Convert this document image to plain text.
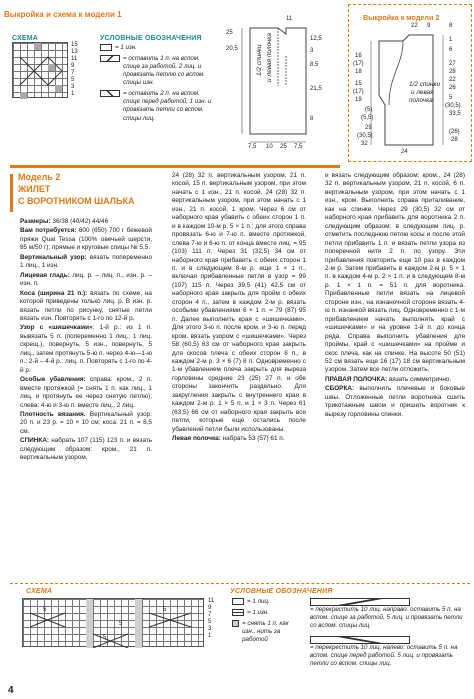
Выкройка и схема к модели 1
СХЕМА	УСЛОВНЫЕ ОБОЗНАЧЕНИЯ
15
13
11
9
7
5
3
1
= 1 изн.
= оставить 1 п. на вспом. спице за работой, 2 лиц. и провязать петлю со вспом. спицы изн.
= оставить 2 п. на вспом. спице перед работой, 1 изн. и провязать петли со вспом. спицы лиц.
25
20,5
11
12,5
3
8,5
21,5
8
7,5 10 25 7,5
1/2 спинки и левая полочка
Выкройка к модели 2
22 9	8
1
6
16
(17)
18
15
(17)
19
27
28
22
26
5
(30,5)
33,5
(5)
(5,5)
29
(30,5)
32
24
1/2 спинки
и левая
полочка
(26)
28
Модель 2
ЖИЛЕТ
С ВОРОТНИКОМ ШАЛЬКА

Размеры: 36/38 (40/42) 44/46

Вам потребуется: 600 (650) 700 г бежевой пряжи Qual Tessa (100% овечьей шерсти, 85 м/50 г); прямые и круговые спицы № 5,5.

Вертикальный узор: вязать попеременно 1 лиц., 1 изн.

Лицевая гладь: лиц. р. – лиц. п., изн. р. – изн. п.

Коса (ширина 21 п.): вязать по схеме, на которой приведены только лиц. р. В изн. р. вязать петли по рисунку, снятые петли вязать изн. Повторять с 1-го по 12-й р.

Узор с «шишечками»: 1-й р.: из 1 п. вывязать 5 п. (попеременно 1 лиц., 1 лиц. скрещ.), повернуть, 5 изн., повернуть, 5 лиц., затем протянуть 5-ю п. через 4-ю—1-ю п.; 2-й – 4-й р.: лиц. п. Повторять с 1-го по 4-й р.

Особые убавления: справа: кром., 2 п. вместе протяжкой (= снять 1 п. как лиц., 1 лиц. и протянуть ее через снятую петлю); слева: 4-ю и 3-ю п. вместе лиц., 2 лиц.

Плотность вязания. Вертикальный узор: 20 п. и 23 р. = 10 × 10 см; коса: 21 п. = 8,5 см.

СПИНКА: набрать 107 (115) 123 п. и вязать следующим образом: кром., 21 п. вертикальным узором,

24 (28) 32 п. вертикальным узором, 21 п. косой, 15 п. вертикальным узором, при этом начать с 1 изн., 21 п. косой, 24 (28) 32 п. вертикальным узором, при этом начать с 1 изн., 21 п. косой, 1 кром. Через 6 см от наборного края убавить с обеих сторон 1 п. и в каждом 10-м р. 5 × 1 п.; для этого справа провязать 6-ю и 7-ю п. вместе протяжкой, слева 7-ю и 6-ю п. от конца вместе лиц. = 95 (103) 111 п. Через 31 (32,5) 34 см от наборного края прибавить с обеих сторон 1 п. и в следующем 8-м р. еще 1 × 1 п., включая прибавленные петли в узор = 99 (107) 115 п. Через 39,5 (41) 42,5 см от наборного края закрыть для пройм с обеих сторон 4 п., затем в каждом 2-м р. вязать особыми убавлениями 6 × 1 п. = 79 (87) 95 п. Далее выполнить края с «шишечками». Для этого 3-ю п. после кром. и 3-ю п. перед кром. вязать узором с «шишечками». Через 58 (60,5) 63 см от наборного края закрыть для скосов плеча с обеих сторон 8 п., в каждом 2-м р. 3 × 6 (7) 8 п. Одновременно с 1-м убавлением плеча закрыть для выреза горловины средние 23 (25) 27 п. и обе стороны закончить раздельно. Для закругления закрыть с внутреннего края в каждом 2-м р. 1 × 5 п. и 1 × 3 п. Через 61 (63,5) 66 см от наборного края закрыть все петли, которые еще остались после убавлений петли были использованы.

Левая полочка: набрать 53 (57) 61 п.

и вязать следующим образом: кром., 24 (28) 32 п. вертикальным узором, 21 п. косой, 6 п. вертикальным узором, при этом начать с 1 изн., кром. Выполнить справа приталивание, как на спинке. Через 29 (30,5) 32 см от наборного края прибавить для воротника 2 п. следующим образом: в следующем лиц. р. отметить последнюю петлю косы и после этой петли прибавить 1 п. и вязать петли узора из поперечной нити 2 п. по узору. Эти прибавления повторить еще 10 раз в каждом 2-м р. Затем прибавить в каждом 2-м р. 5 × 1 п. в каждом 4-м р. 2 × 1 п. и в следующем 8-м р. 1 × 1 п. = 51 п. для воротника. Прибавленные петли вязать на лицевой стороне изн., на изнаночной стороне вязать 4-ю п. изнанкой вязать лиц. Одновременно с 1-м прибавлением начать выполнять край с «шишечками» и на уровне 1-й п. до конца ряда. Справа выполнить убавления для проймы, край с «шишечками» на пройме и скос плеча, как на спинке. На высоте 50 (51) 52 см вязать еще 16 (17) 18 см вертикальным узором. Затем все петли отложить.

ПРАВАЯ ПОЛОЧКА: вязать симметрично.

СБОРКА: выполнить плечевые и боковые швы. Отложенные петли воротника сшить трикотажным швом и пришить воротник к вырезу горловины спинки.

СХЕМА	УСЛОВНЫЕ ОБОЗНАЧЕНИЯ
5	5
5
5
11
9
7
5
3
1
= 1 лиц.
= 1 изн.
= снять 1 п. как изн., нить за работой
= перекрестить 10 лиц. направо: оставить 5 п. на вспом. спице за работой, 5 лиц. и провязать петли со вспом. спицы лиц.
= перекрестить 10 лиц. налево: оставить 5 п. на вспом. спице перед работой, 5 лиц. и провязать петли со вспом. спицы лиц.
4
